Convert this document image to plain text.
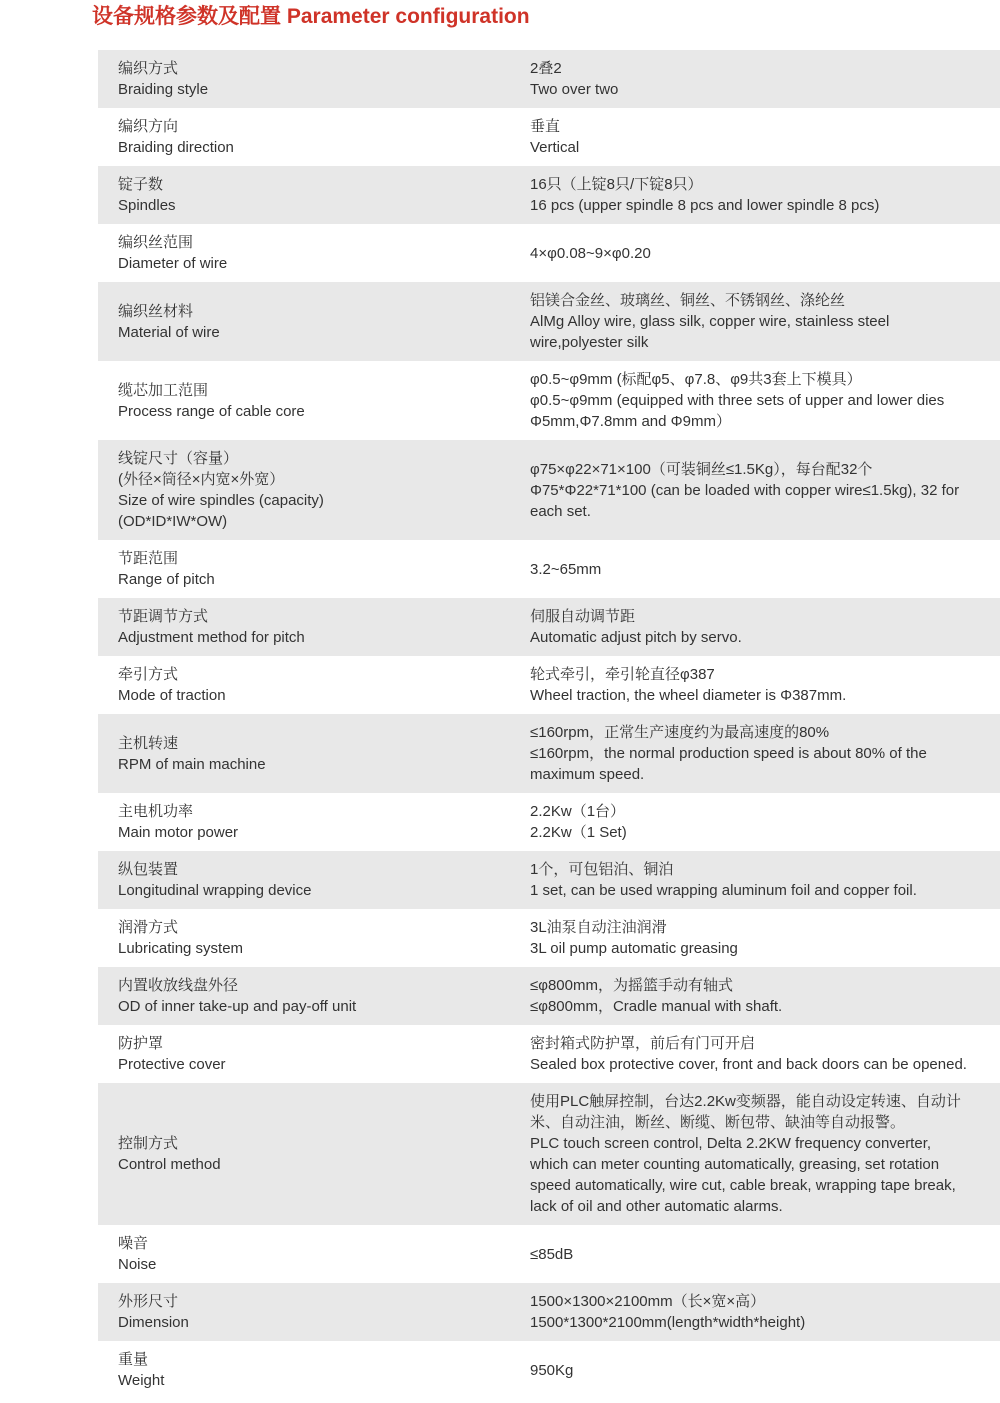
设备规格参数及配置 Parameter configuration
编织方式
Braiding style
2叠2
Two over two
编织方向
Braiding direction
垂直
Vertical
锭子数
Spindles
16只（上锭8只/下锭8只）
16 pcs (upper spindle 8 pcs and lower spindle 8 pcs)
编织丝范围
Diameter of wire
4×φ0.08~9×φ0.20
编织丝材料
Material of wire
铝镁合金丝、玻璃丝、铜丝、不锈钢丝、涤纶丝
AlMg Alloy wire, glass silk, copper wire, stainless steel wire,polyester silk
缆芯加工范围
Process range of cable core
φ0.5~φ9mm (标配φ5、φ7.8、φ9共3套上下模具）
φ0.5~φ9mm (equipped with three sets of upper and lower dies Φ5mm,Φ7.8mm and Φ9mm）
线锭尺寸（容量）
(外径×筒径×内宽×外宽）
Size of wire spindles (capacity)
(OD*ID*IW*OW)
φ75×φ22×71×100（可装铜丝≤1.5Kg），每台配32个
Φ75*Φ22*71*100 (can be loaded with copper wire≤1.5kg), 32 for each set.
节距范围
Range of pitch
3.2~65mm
节距调节方式
Adjustment method for pitch
伺服自动调节距
Automatic adjust pitch by servo.
牵引方式
Mode of traction
轮式牵引，牵引轮直径φ387
Wheel traction, the wheel diameter is Φ387mm.
主机转速
RPM of main machine
≤160rpm，正常生产速度约为最高速度的80%
≤160rpm，the normal production speed is about 80% of the maximum speed.
主电机功率
Main motor power
2.2Kw（1台）
2.2Kw（1 Set)
纵包装置
Longitudinal wrapping device
1个，可包铝泊、铜泊
1 set, can be used wrapping aluminum foil and copper foil.
润滑方式
Lubricating system
3L油泵自动注油润滑
3L oil pump automatic greasing
内置收放线盘外径
OD of inner take-up and pay-off unit
≤φ800mm，为摇篮手动有轴式
≤φ800mm，Cradle manual with shaft.
防护罩
Protective cover
密封箱式防护罩，前后有门可开启
Sealed box protective cover, front and back doors can be opened.
控制方式
Control method
使用PLC触屏控制，台达2.2Kw变频器，能自动设定转速、自动计米、自动注油，断丝、断缆、断包带、缺油等自动报警。
PLC touch screen control, Delta 2.2KW frequency converter, which can meter counting automatically, greasing, set rotation speed automatically, wire cut, cable break, wrapping tape break, lack of oil and other automatic alarms.
噪音
Noise
≤85dB
外形尺寸
Dimension
1500×1300×2100mm（长×宽×高）
1500*1300*2100mm(length*width*height)
重量
Weight
950Kg
